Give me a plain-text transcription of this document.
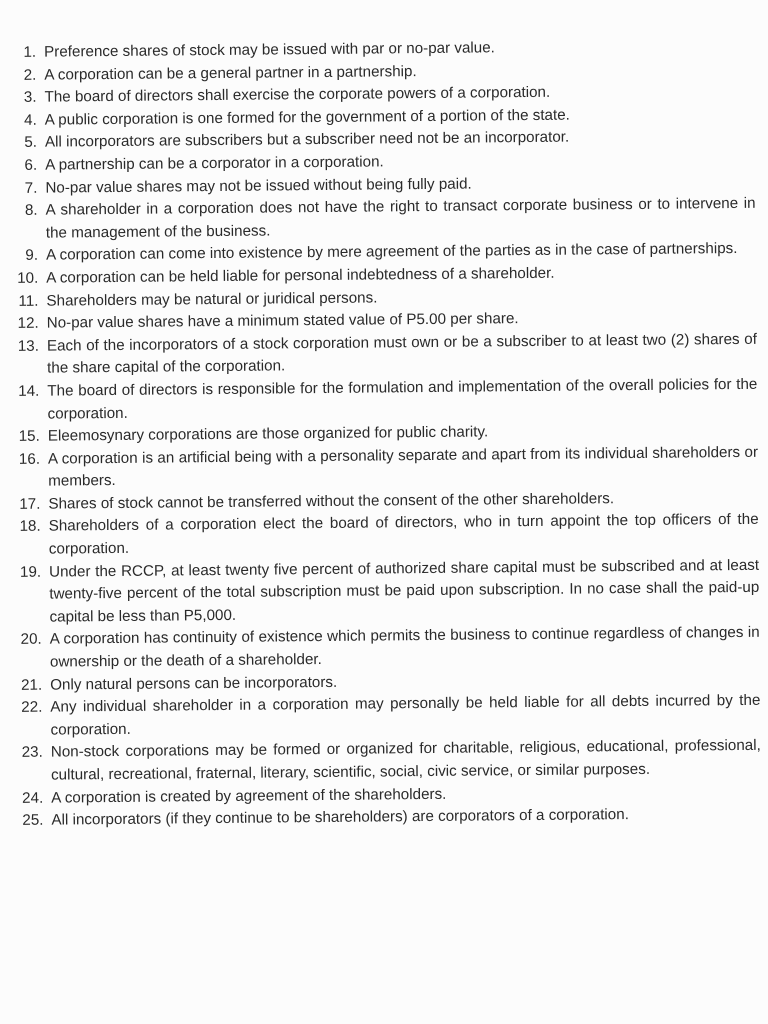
1. Preference shares of stock may be issued with par or no-par value.
2. A corporation can be a general partner in a partnership.
3. The board of directors shall exercise the corporate powers of a corporation.
4. A public corporation is one formed for the government of a portion of the state.
5. All incorporators are subscribers but a subscriber need not be an incorporator.
6. A partnership can be a corporator in a corporation.
7. No-par value shares may not be issued without being fully paid.
8. A shareholder in a corporation does not have the right to transact corporate business or to intervene in the management of the business.
9. A corporation can come into existence by mere agreement of the parties as in the case of partnerships.
10. A corporation can be held liable for personal indebtedness of a shareholder.
11. Shareholders may be natural or juridical persons.
12. No-par value shares have a minimum stated value of P5.00 per share.
13. Each of the incorporators of a stock corporation must own or be a subscriber to at least two (2) shares of the share capital of the corporation.
14. The board of directors is responsible for the formulation and implementation of the overall policies for the corporation.
15. Eleemosynary corporations are those organized for public charity.
16. A corporation is an artificial being with a personality separate and apart from its individual shareholders or members.
17. Shares of stock cannot be transferred without the consent of the other shareholders.
18. Shareholders of a corporation elect the board of directors, who in turn appoint the top officers of the corporation.
19. Under the RCCP, at least twenty five percent of authorized share capital must be subscribed and at least twenty-five percent of the total subscription must be paid upon subscription. In no case shall the paid-up capital be less than P5,000.
20. A corporation has continuity of existence which permits the business to continue regardless of changes in ownership or the death of a shareholder.
21. Only natural persons can be incorporators.
22. Any individual shareholder in a corporation may personally be held liable for all debts incurred by the corporation.
23. Non-stock corporations may be formed or organized for charitable, religious, educational, professional, cultural, recreational, fraternal, literary, scientific, social, civic service, or similar purposes.
24. A corporation is created by agreement of the shareholders.
25. All incorporators (if they continue to be shareholders) are corporators of a corporation.
